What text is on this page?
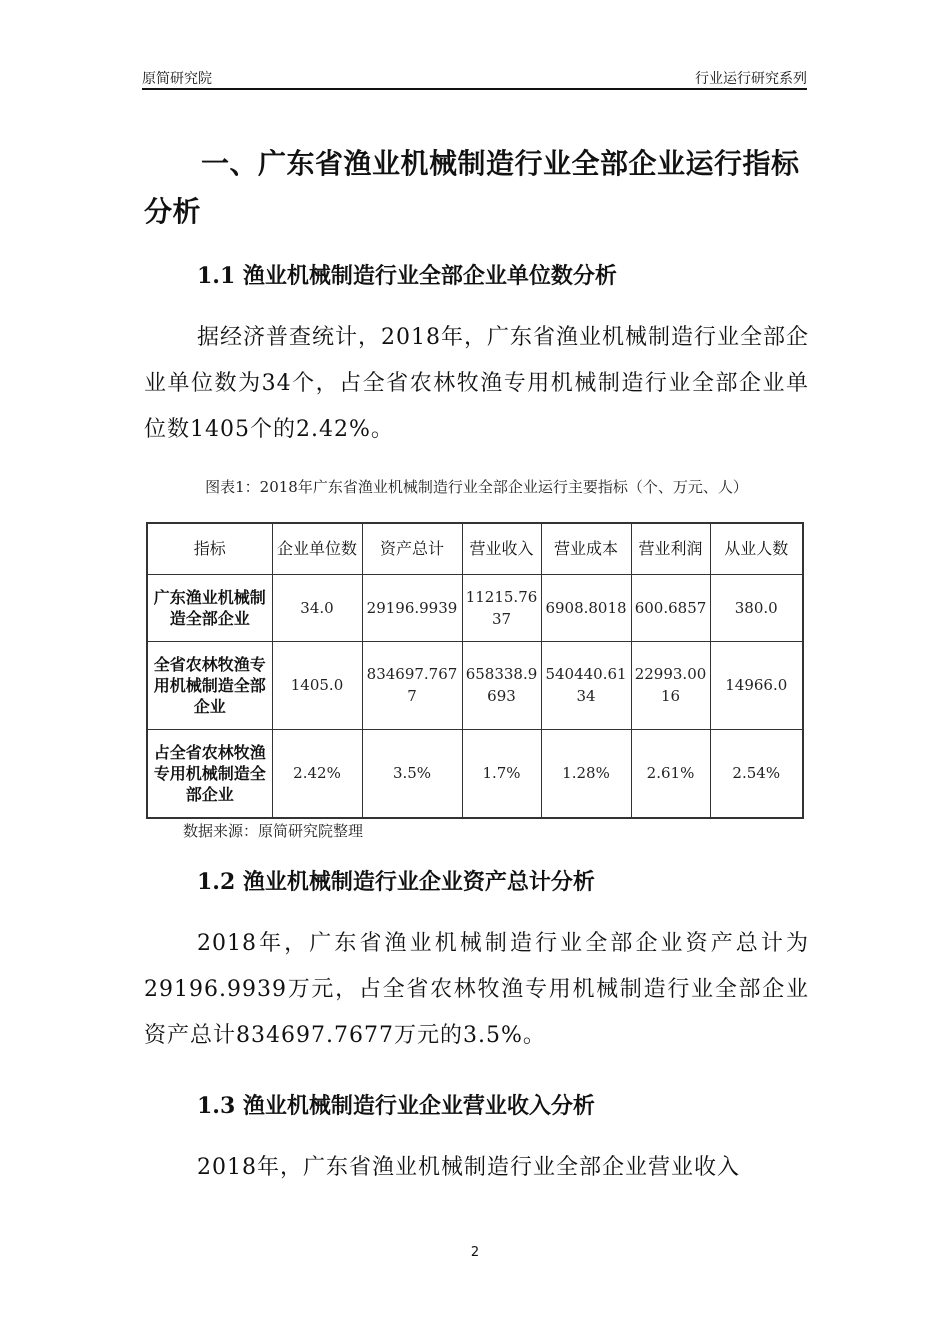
原简研究院	行业运行研究系列
一、广东省渔业机械制造行业全部企业运行指标分析
1.1 渔业机械制造行业全部企业单位数分析
据经济普查统计，2018年，广东省渔业机械制造行业全部企业单位数为34个，占全省农林牧渔专用机械制造行业全部企业单位数1405个的2.42%。
图表1：2018年广东省渔业机械制造行业全部企业运行主要指标（个、万元、人）
指标	企业单位数	资产总计	营业收入	营业成本	营业利润	从业人数
广东渔业机械制造全部企业	34.0	29196.9939	11215.7637	6908.8018	600.6857	380.0
全省农林牧渔专用机械制造全部企业	1405.0	834697.7677	658338.9693	540440.6134	22993.0016	14966.0
占全省农林牧渔专用机械制造全部企业	2.42%	3.5%	1.7%	1.28%	2.61%	2.54%
数据来源：原简研究院整理
1.2 渔业机械制造行业企业资产总计分析
2018年，广东省渔业机械制造行业全部企业资产总计为29196.9939万元，占全省农林牧渔专用机械制造行业全部企业资产总计834697.7677万元的3.5%。
1.3 渔业机械制造行业企业营业收入分析
2018年，广东省渔业机械制造行业全部企业营业收入
2
